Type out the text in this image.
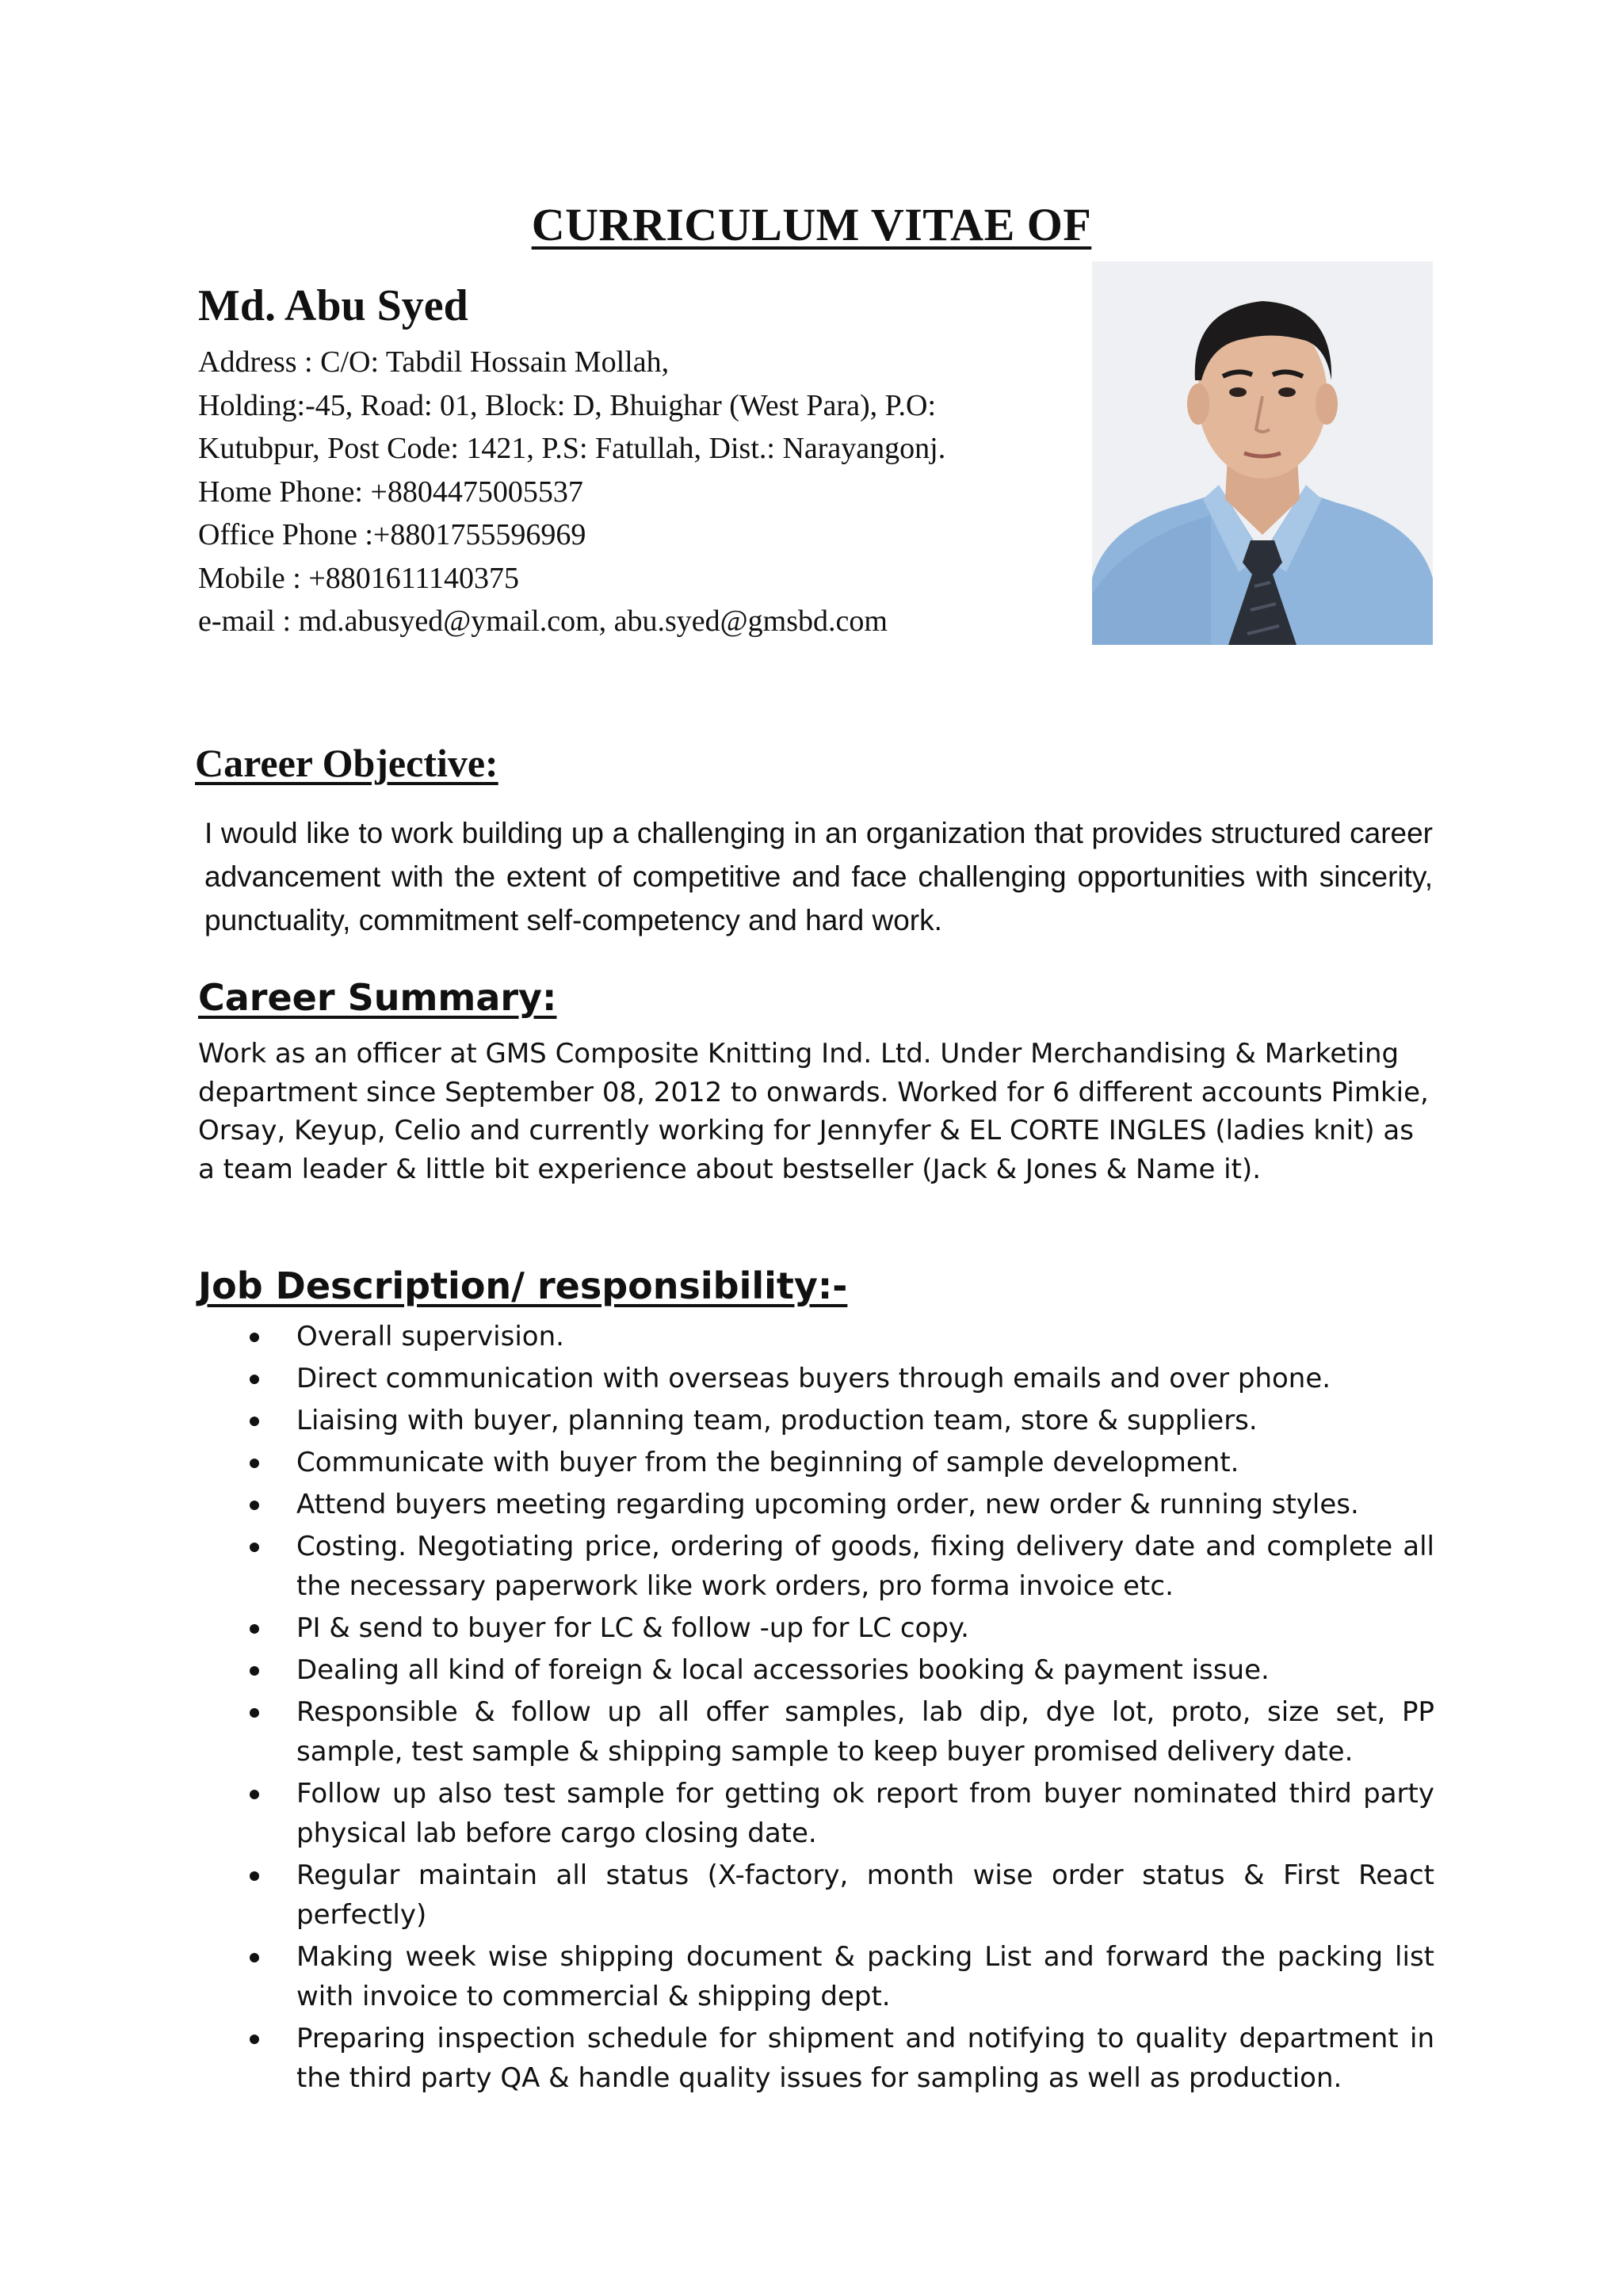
CURRICULUM VITAE OF
Md. Abu Syed
Address : C/O: Tabdil Hossain Mollah,
Holding:-45, Road: 01, Block: D, Bhuighar (West Para), P.O:
Kutubpur, Post Code: 1421, P.S: Fatullah, Dist.: Narayangonj.
Home Phone: +8804475005537
Office Phone :+8801755596969
Mobile : +8801611140375
e-mail : md.abusyed@ymail.com, abu.syed@gmsbd.com
Career Objective:

I would like to work building up a challenging in an organization that provides structured career advancement with the extent of competitive and face challenging opportunities with sincerity, punctuality, commitment self-competency and hard work.

Career Summary:

Work as an officer at GMS Composite Knitting Ind. Ltd. Under Merchandising & Marketing department since September 08, 2012 to onwards. Worked for 6 different accounts Pimkie, Orsay, Keyup, Celio and currently working for Jennyfer & EL CORTE INGLES (ladies knit) as a team leader & little bit experience about bestseller (Jack & Jones & Name it).

Job Description/ responsibility:-
Overall supervision.
Direct communication with overseas buyers through emails and over phone.
Liaising with buyer, planning team, production team, store & suppliers.
Communicate with buyer from the beginning of sample development.
Attend buyers meeting regarding upcoming order, new order & running styles.
Costing. Negotiating price, ordering of goods, fixing delivery date and complete all the necessary paperwork like work orders, pro forma invoice etc.
PI & send to buyer for LC & follow -up for LC copy.
Dealing all kind of foreign & local accessories booking & payment issue.
Responsible & follow up all offer samples, lab dip, dye lot, proto, size set, PP sample, test sample & shipping sample to keep buyer promised delivery date.
Follow up also test sample for getting ok report from buyer nominated third party physical lab before cargo closing date.
Regular maintain all status (X-factory, month wise order status & First React perfectly)
Making week wise shipping document & packing List and forward the packing list with invoice to commercial & shipping dept.
Preparing inspection schedule for shipment and notifying to quality department in the third party QA & handle quality issues for sampling as well as production.
